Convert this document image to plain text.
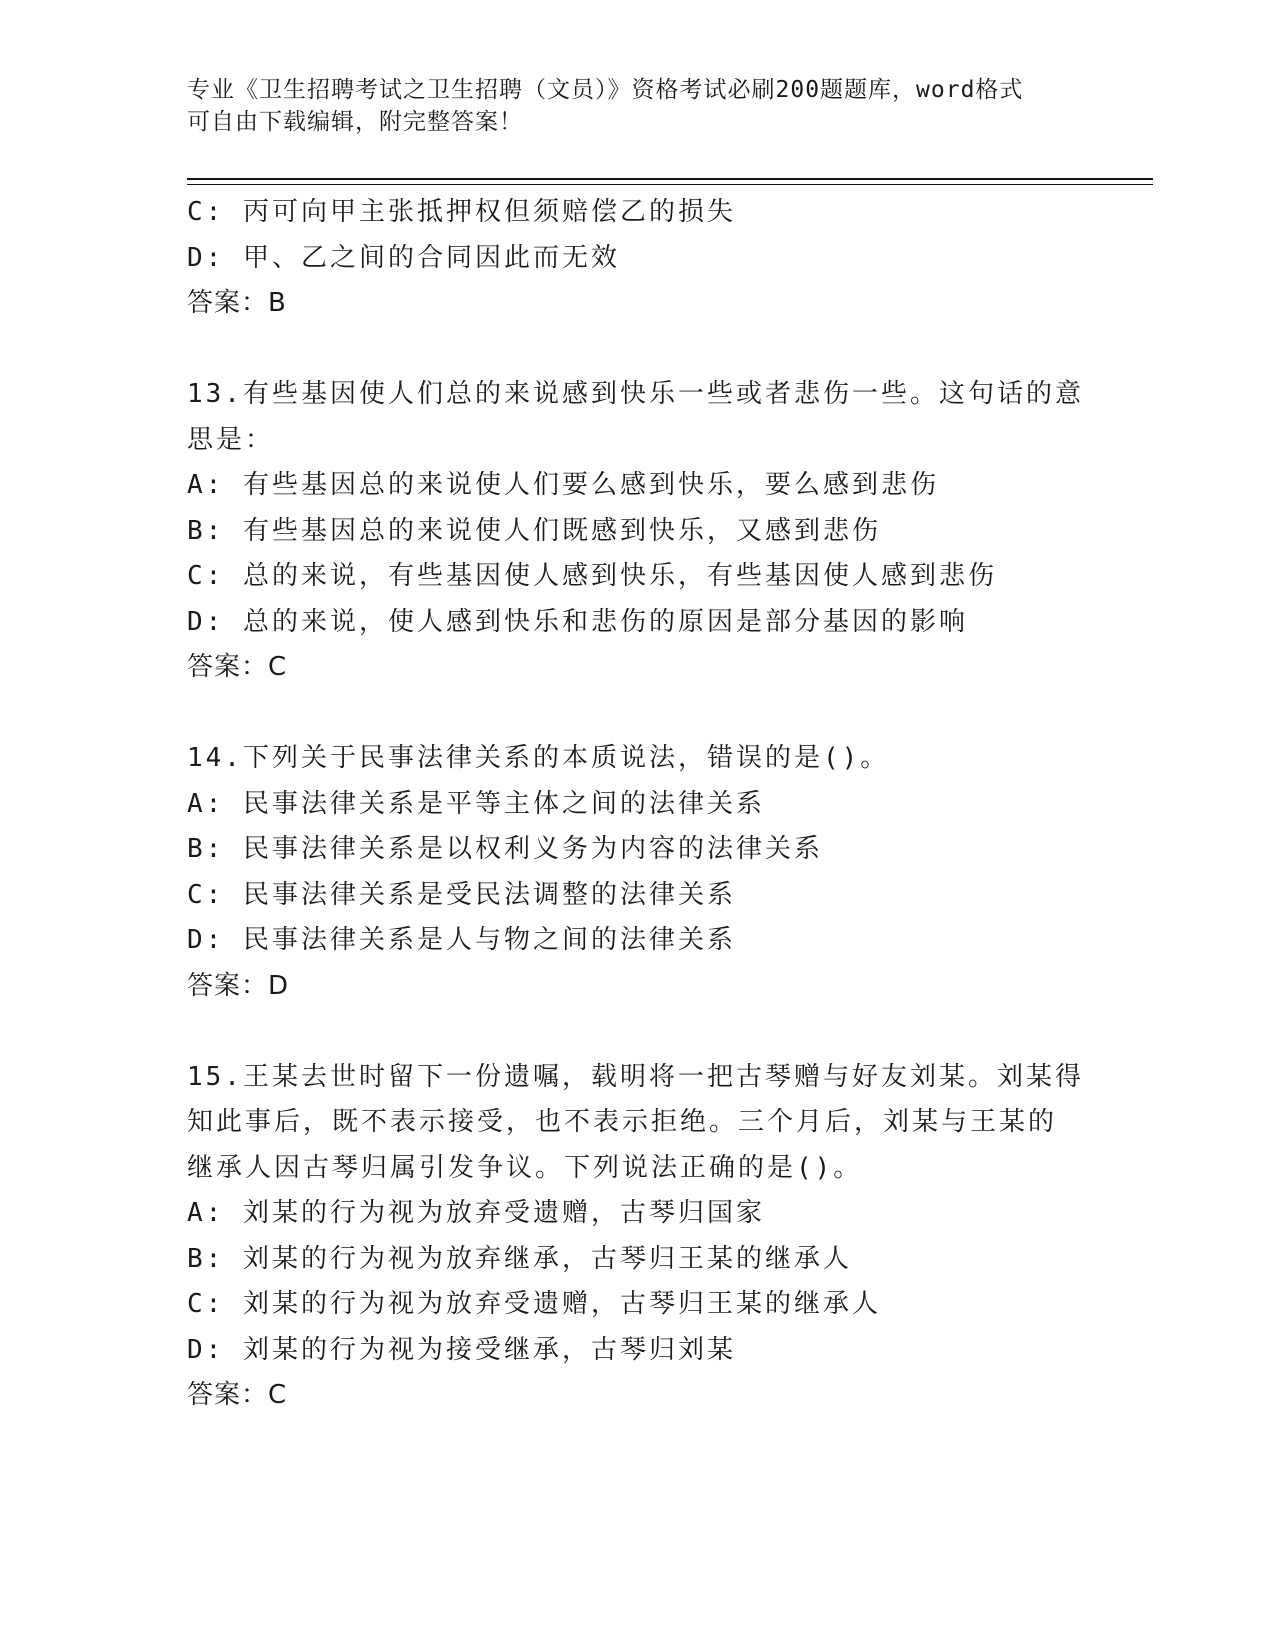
专业《卫生招聘考试之卫生招聘（文员）》资格考试必刷200题题库，word格式
可自由下载编辑，附完整答案！
C: 丙可向甲主张抵押权但须赔偿乙的损失
D: 甲、乙之间的合同因此而无效
答案：B
13.有些基因使人们总的来说感到快乐一些或者悲伤一些。这句话的意
思是：
A: 有些基因总的来说使人们要么感到快乐，要么感到悲伤
B: 有些基因总的来说使人们既感到快乐，又感到悲伤
C: 总的来说，有些基因使人感到快乐，有些基因使人感到悲伤
D: 总的来说，使人感到快乐和悲伤的原因是部分基因的影响
答案：C
14.下列关于民事法律关系的本质说法，错误的是()。
A: 民事法律关系是平等主体之间的法律关系
B: 民事法律关系是以权利义务为内容的法律关系
C: 民事法律关系是受民法调整的法律关系
D: 民事法律关系是人与物之间的法律关系
答案：D
15.王某去世时留下一份遗嘱，载明将一把古琴赠与好友刘某。刘某得
知此事后，既不表示接受，也不表示拒绝。三个月后，刘某与王某的
继承人因古琴归属引发争议。下列说法正确的是()。
A: 刘某的行为视为放弃受遗赠，古琴归国家
B: 刘某的行为视为放弃继承，古琴归王某的继承人
C: 刘某的行为视为放弃受遗赠，古琴归王某的继承人
D: 刘某的行为视为接受继承，古琴归刘某
答案：C
